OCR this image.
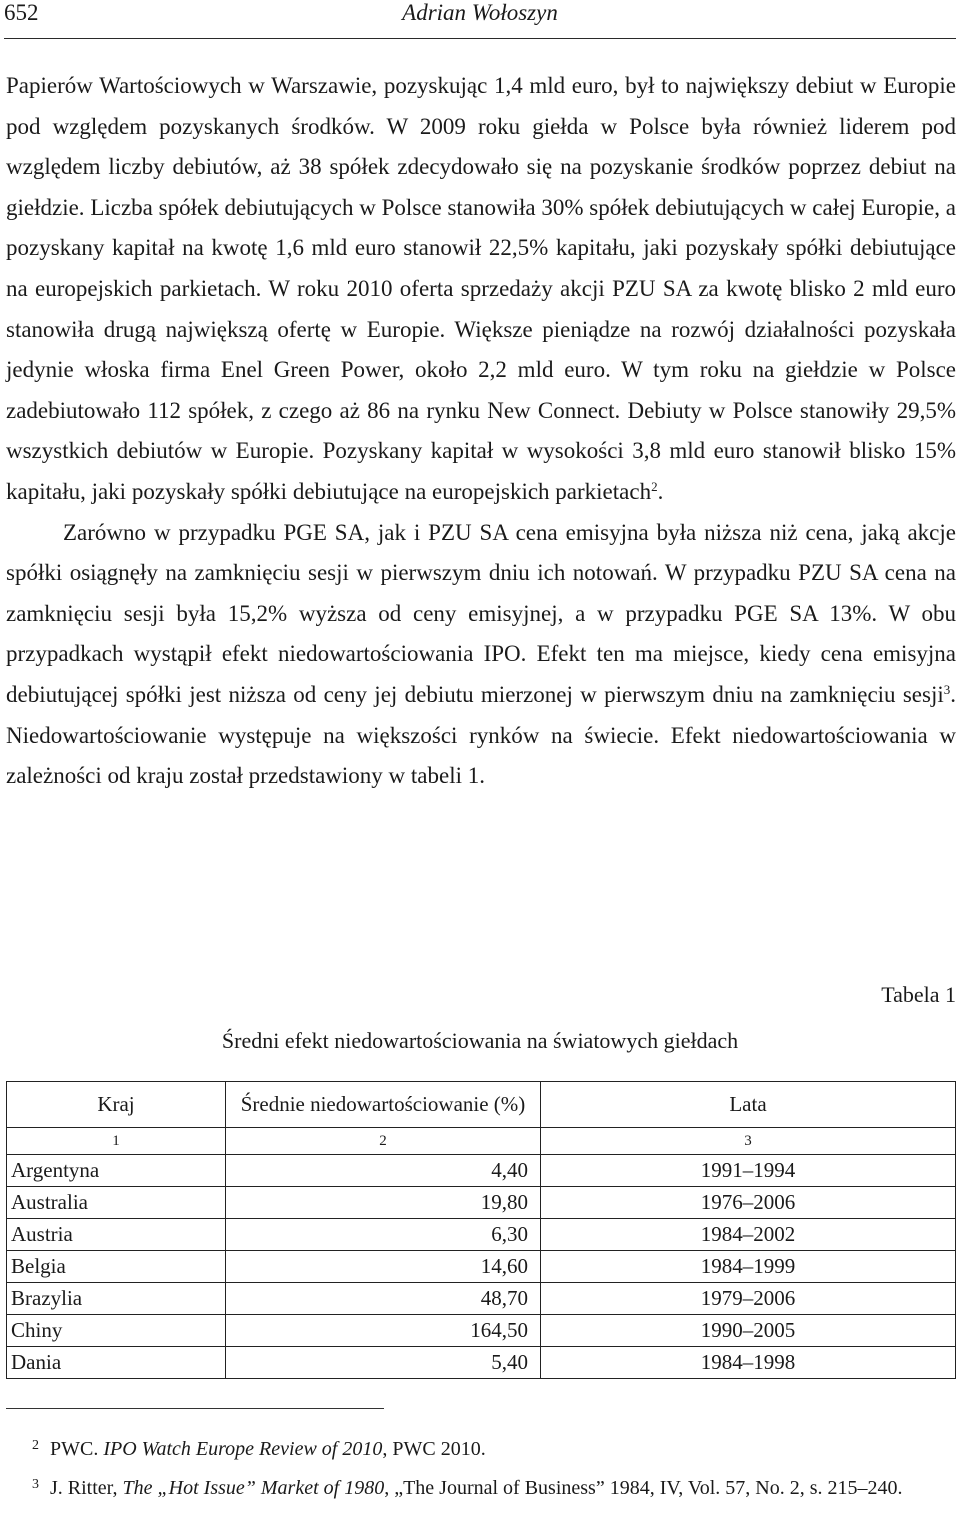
652	Adrian Wołoszyn

Papierów Wartościowych w Warszawie, pozyskując 1,4 mld euro, był to największy debiut w Europie pod względem pozyskanych środków. W 2009 roku giełda w Polsce była również liderem pod względem liczby debiutów, aż 38 spółek zdecydowało się na pozyskanie środków poprzez debiut na giełdzie. Liczba spółek debiutujących w Polsce stanowiła 30% spółek debiutujących w całej Europie, a pozyskany kapitał na kwotę 1,6 mld euro stanowił 22,5% kapitału, jaki pozyskały spółki debiutujące na europejskich parkietach. W roku 2010 oferta sprzedaży akcji PZU SA za kwotę blisko 2 mld euro stanowiła drugą największą ofertę w Europie. Większe pieniądze na rozwój działalności pozyskała jedynie włoska firma Enel Green Power, około 2,2 mld euro. W tym roku na giełdzie w Polsce zadebiutowało 112 spółek, z czego aż 86 na rynku New Connect. Debiuty w Polsce stanowiły 29,5% wszystkich debiutów w Europie. Pozyskany kapitał w wysokości 3,8 mld euro stanowił blisko 15% kapitału, jaki pozyskały spółki debiutujące na europejskich parkietach$^2$.

Zarówno w przypadku PGE SA, jak i PZU SA cena emisyjna była niższa niż cena, jaką akcje spółki osiągnęły na zamknięciu sesji w pierwszym dniu ich notowań. W przypadku PZU SA cena na zamknięciu sesji była 15,2% wyższa od ceny emisyjnej, a w przypadku PGE SA 13%. W obu przypadkach wystąpił efekt niedowartościowania IPO. Efekt ten ma miejsce, kiedy cena emisyjna debiutującej spółki jest niższa od ceny jej debiutu mierzonej w pierwszym dniu na zamknięciu sesji$^3$. Niedowartościowanie występuje na większości rynków na świecie. Efekt niedowartościowania w zależności od kraju został przedstawiony w tabeli 1.

Tabela 1
Średni efekt niedowartościowania na światowych giełdach
Kraj	Średnie niedowartościowanie (%)	Lata
1	2	3
Argentyna	4,40	1991–1994
Australia	19,80	1976–2006
Austria	6,30	1984–2002
Belgia	14,60	1984–1999
Brazylia	48,70	1979–2006
Chiny	164,50	1990–2005
Dania	5,40	1984–1998

2 PWC. IPO Watch Europe Review of 2010, PWC 2010.

3 J. Ritter, The „Hot Issue” Market of 1980, „The Journal of Business” 1984, IV, Vol. 57, No. 2, s. 215–240.
